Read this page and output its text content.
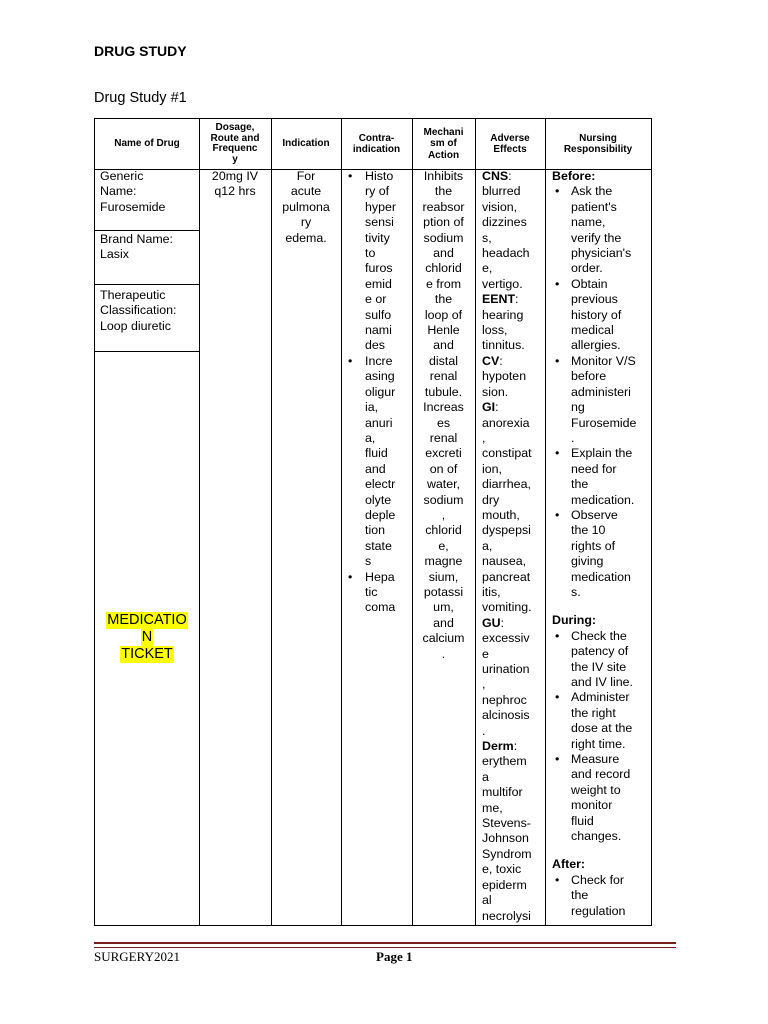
DRUG STUDY
Drug Study #1
Name of Drug
Dosage,
Route and
Frequenc
y
Indication
Contra-
indication
Mechani
sm of
Action
Adverse
Effects
Nursing
Responsibility
Generic
Name:
Furosemide
Brand Name:
Lasix
Therapeutic
Classification:
Loop diuretic
MEDICATIO
N
TICKET
20mg IV
q12 hrs
For
acute
pulmona
ry
edema.
• Histo
ry of
hyper
sensi
tivity
to
furos
emid
e or
sulfo
nami
des
• Incre
asing
oligur
ia,
anuri
a,
fluid
and
electr
olyte
deple
tion
state
s
• Hepa
tic
coma
Inhibits
the
reabsor
ption of
sodium
and
chlorid
e from
the
loop of
Henle
and
distal
renal
tubule.
Increas
es
renal
excreti
on of
water,
sodium
,
chlorid
e,
magne
sium,
potassi
um,
and
calcium
.
CNS:
blurred
vision,
dizzines
s,
headach
e,
vertigo.
EENT:
hearing
loss,
tinnitus.
CV:
hypoten
sion.
GI:
anorexia
,
constipat
ion,
diarrhea,
dry
mouth,
dyspepsi
a,
nausea,
pancreat
itis,
vomiting.
GU:
excessiv
e
urination
,
nephroc
alcinosis
.
Derm:
erythem
a
multifor
me,
Stevens-
Johnson
Syndrom
e, toxic
epiderm
al
necrolysi
Before:
• Ask the
patient's
name,
verify the
physician's
order.
• Obtain
previous
history of
medical
allergies.
• Monitor V/S
before
administeri
ng
Furosemide
.
• Explain the
need for
the
medication.
• Observe
the 10
rights of
giving
medication
s.
During:
• Check the
patency of
the IV site
and IV line.
• Administer
the right
dose at the
right time.
• Measure
and record
weight to
monitor
fluid
changes.
After:
• Check for
the
regulation
SURGERY2021	Page 1
